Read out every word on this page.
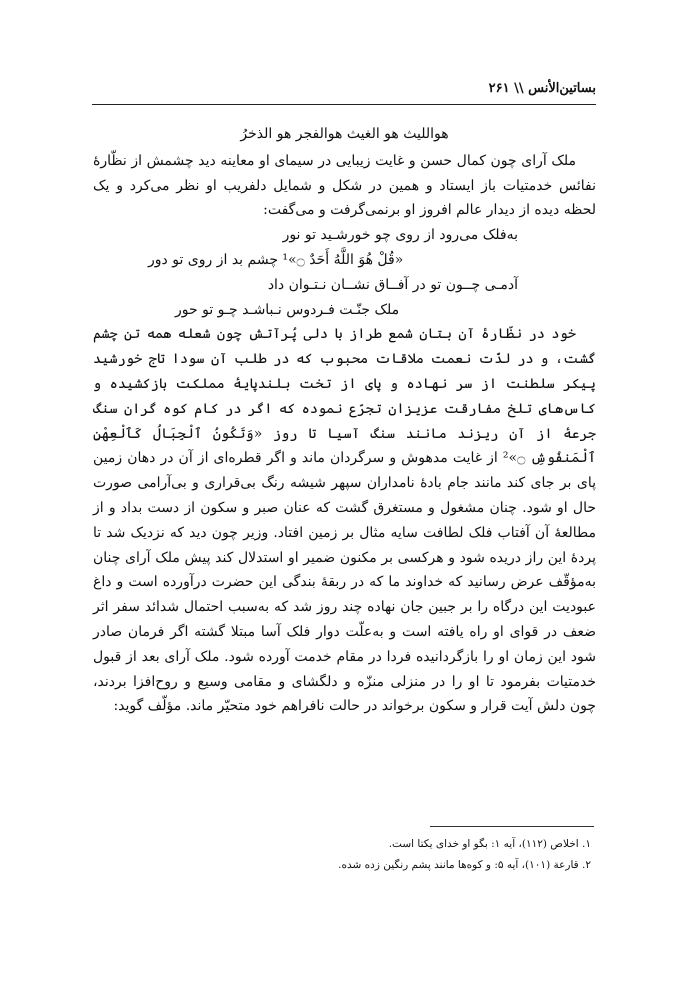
بساتین‌الأنس \\ ۲۶۱
هواللیث هو الغیث هوالفجر هو الذخرُ

ملک آرای چون کمال حسن و غایت زیبایی در سیمای او معاینه دید چشمش از نظّارهٔ نفائس خدمتیات باز ایستاد و همین در شکل و شمایل دلفریب او نظر می‌کرد و یک لحظه دیده از دیدار عالم افروز او برنمی‌گرفت و می‌گفت:

به‌فلک می‌رود از روی چو خورشـید تو نور
«قُلْ هُوَ اللَّهُ أَحَدٌ ۝»¹ چشم بد از روی تو دور
آدمـی چــون تو در آفــاق نشــان نـتـوان داد
ملک جنّـت فـردوس نـباشـد چـو تو حور

خود در نظّارهٔ آن بتان شمع طراز با دلی پُرآتش چون شعله همه تن چشم گشت، و در لذّت نعمت ملاقات محبوب که در طلب آن سودا تاج خورشید پیکر سلطنت از سر نهاده و پای از تخت بلندپایهٔ مملکت بازکشیده و کاس‌های تلخ مفارقت عزیزان تجرّع نموده که اگر در کام کوه گران سنگ جرعهٔ از آن ریزند مانند سنگ آسیا تا روز «وَتَكُونُ ٱلْجِبَالُ كَٱلْعِهْنِ ٱلْمَنفُوشِ ۝»² از غایت مدهوش و سرگردان ماند و اگر قطره‌ای از آن در دهان زمین پای بر جای کند مانند جام بادهٔ نامداران سپهر شیشه رنگ بی‌قراری و بی‌آرامی صورت حال او شود. چنان مشغول و مستغرق گشت که عنان صبر و سکون از دست بداد و از مطالعهٔ آن آفتاب فلک لطافت سایه مثال بر زمین افتاد. وزیر چون دید که نزدیک شد تا پردهٔ این راز دریده شود و هرکسی بر مکنون ضمیر او استدلال کند پیش ملک آرای چنان به‌مؤقّف عرض رسانید که خداوند ما که در ربقهٔ بندگی این حضرت درآورده است و داغ عبودیت این درگاه را بر جبین جان نهاده چند روز شد که به‌سبب احتمال شدائد سفر اثر ضعف در قوای او راه یافته است و به‌علّت دوار فلک آسا مبتلا گشته اگر فرمان صادر شود این زمان او را بازگردانیده فردا در مقام خدمت آورده شود. ملک آرای بعد از قبول خدمتیات بفرمود تا او را در منزلی منزّه و دلگشای و مقامی وسیع و روح‌افزا بردند، چون دلش آیت قرار و سکون برخواند در حالت نافراهم خود متحیّر ماند. مؤلّف گوید:

۱. اخلاص (۱۱۲)، آیه ۱: بگو او خدای یکتا است.
۲. قارعة (۱۰۱)، آیه ۵: و کوه‌ها مانند پشم رنگین زده شده.
